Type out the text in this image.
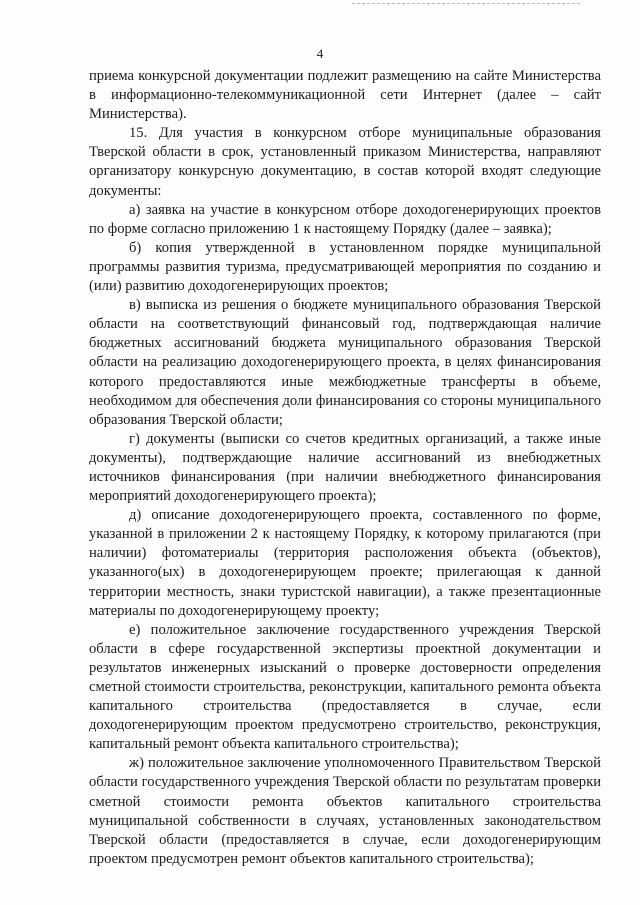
4

приема конкурсной документации подлежит размещению на сайте Министерства в информационно-телекоммуникационной сети Интернет (далее – сайт Министерства).

15. Для участия в конкурсном отборе муниципальные образования Тверской области в срок, установленный приказом Министерства, направляют организатору конкурсную документацию, в состав которой входят следующие документы:

а) заявка на участие в конкурсном отборе доходогенерирующих проектов по форме согласно приложению 1 к настоящему Порядку (далее – заявка);

б) копия утвержденной в установленном порядке муниципальной программы развития туризма, предусматривающей мероприятия по созданию и (или) развитию доходогенерирующих проектов;

в) выписка из решения о бюджете муниципального образования Тверской области на соответствующий финансовый год, подтверждающая наличие бюджетных ассигнований бюджета муниципального образования Тверской области на реализацию доходогенерирующего проекта, в целях финансирования которого предоставляются иные межбюджетные трансферты в объеме, необходимом для обеспечения доли финансирования со стороны муниципального образования Тверской области;

г) документы (выписки со счетов кредитных организаций, а также иные документы), подтверждающие наличие ассигнований из внебюджетных источников финансирования (при наличии внебюджетного финансирования мероприятий доходогенерирующего проекта);

д) описание доходогенерирующего проекта, составленного по форме, указанной в приложении 2 к настоящему Порядку, к которому прилагаются (при наличии) фотоматериалы (территория расположения объекта (объектов), указанного(ых) в доходогенерирующем проекте; прилегающая к данной территории местность, знаки туристской навигации), а также презентационные материалы по доходогенерирующему проекту;

е) положительное заключение государственного учреждения Тверской области в сфере государственной экспертизы проектной документации и результатов инженерных изысканий о проверке достоверности определения сметной стоимости строительства, реконструкции, капитального ремонта объекта капитального строительства (предоставляется в случае, если доходогенерирующим проектом предусмотрено строительство, реконструкция, капитальный ремонт объекта капитального строительства);

ж) положительное заключение уполномоченного Правительством Тверской области государственного учреждения Тверской области по результатам проверки сметной стоимости ремонта объектов капитального строительства муниципальной собственности в случаях, установленных законодательством Тверской области (предоставляется в случае, если доходогенерирующим проектом предусмотрен ремонт объектов капитального строительства);
